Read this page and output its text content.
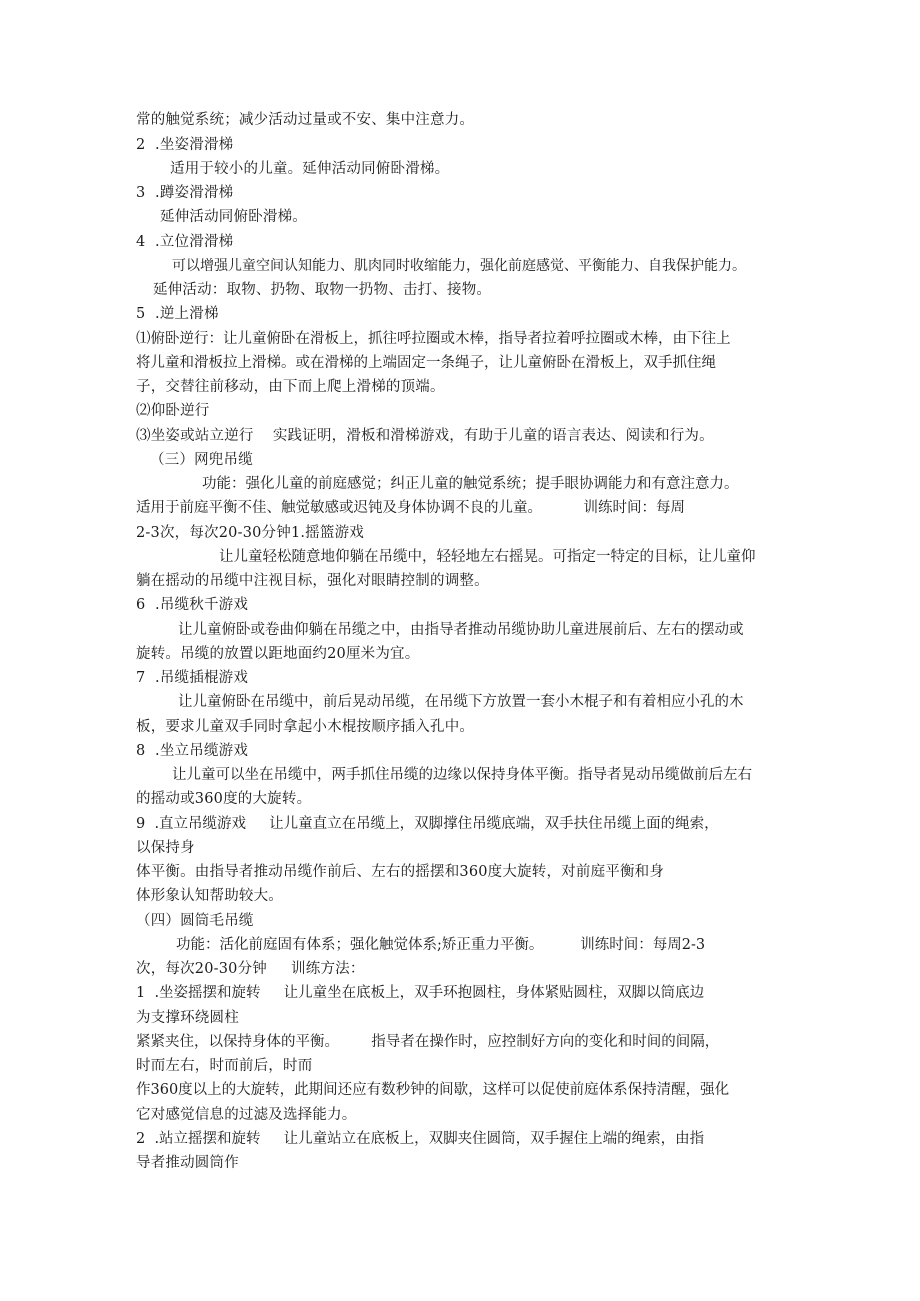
常的触觉系统；减少活动过量或不安、集中注意力。
2  .坐姿滑滑梯
适用于较小的儿童。延伸活动同俯卧滑梯。
3  .蹲姿滑滑梯
延伸活动同俯卧滑梯。
4  .立位滑滑梯
可以增强儿童空间认知能力、肌肉同时收缩能力，强化前庭感觉、平衡能力、自我保护能力。
延伸活动：取物、扔物、取物一扔物、击打、接物。
5  .逆上滑梯
⑴俯卧逆行：让儿童俯卧在滑板上，抓往呼拉圈或木棒，指导者拉着呼拉圈或木棒，由下往上
将儿童和滑板拉上滑梯。或在滑梯的上端固定一条绳子，让儿童俯卧在滑板上，双手抓住绳
子，交替往前移动，由下而上爬上滑梯的顶端。
⑵仰卧逆行
⑶坐姿或站立逆行    实践证明，滑板和滑梯游戏，有助于儿童的语言表达、阅读和行为。
（三）网兜吊缆
功能：强化儿童的前庭感觉；纠正儿童的触觉系统；提手眼协调能力和有意注意力。
适用于前庭平衡不佳、触觉敏感或迟钝及身体协调不良的儿童。         训练时间：每周
2-3次，每次20-30分钟1.摇篮游戏
让儿童轻松随意地仰躺在吊缆中，轻轻地左右摇晃。可指定一特定的目标，让儿童仰
躺在摇动的吊缆中注视目标，强化对眼睛控制的调整。
6  .吊缆秋千游戏
让儿童俯卧或卷曲仰躺在吊缆之中，由指导者推动吊缆协助儿童进展前后、左右的摆动或
旋转。吊缆的放置以距地面约20厘米为宜。
7  .吊缆插棍游戏
让儿童俯卧在吊缆中，前后晃动吊缆，在吊缆下方放置一套小木棍子和有着相应小孔的木
板，要求儿童双手同时拿起小木棍按顺序插入孔中。
8  .坐立吊缆游戏
让儿童可以坐在吊缆中，两手抓住吊缆的边缘以保持身体平衡。指导者晃动吊缆做前后左右
的摇动或360度的大旋转。
9  .直立吊缆游戏     让儿童直立在吊缆上，双脚撑住吊缆底端，双手扶住吊缆上面的绳索，
以保持身
体平衡。由指导者推动吊缆作前后、左右的摇摆和360度大旋转，对前庭平衡和身
体形象认知帮助较大。
（四）圆筒毛吊缆
功能：活化前庭固有体系；强化触觉体系;矫正重力平衡。        训练时间：每周2-3
次，每次20-30分钟     训练方法：
1  .坐姿摇摆和旋转     让儿童坐在底板上，双手环抱圆柱，身体紧贴圆柱，双脚以筒底边
为支撑环绕圆柱
紧紧夹住，以保持身体的平衡。       指导者在操作时，应控制好方向的变化和时间的间隔，
时而左右，时而前后，时而
作360度以上的大旋转，此期间还应有数秒钟的间歇，这样可以促使前庭体系保持清醒，强化
它对感觉信息的过滤及选择能力。
2  .站立摇摆和旋转     让儿童站立在底板上，双脚夹住圆筒，双手握住上端的绳索，由指
导者推动圆筒作
